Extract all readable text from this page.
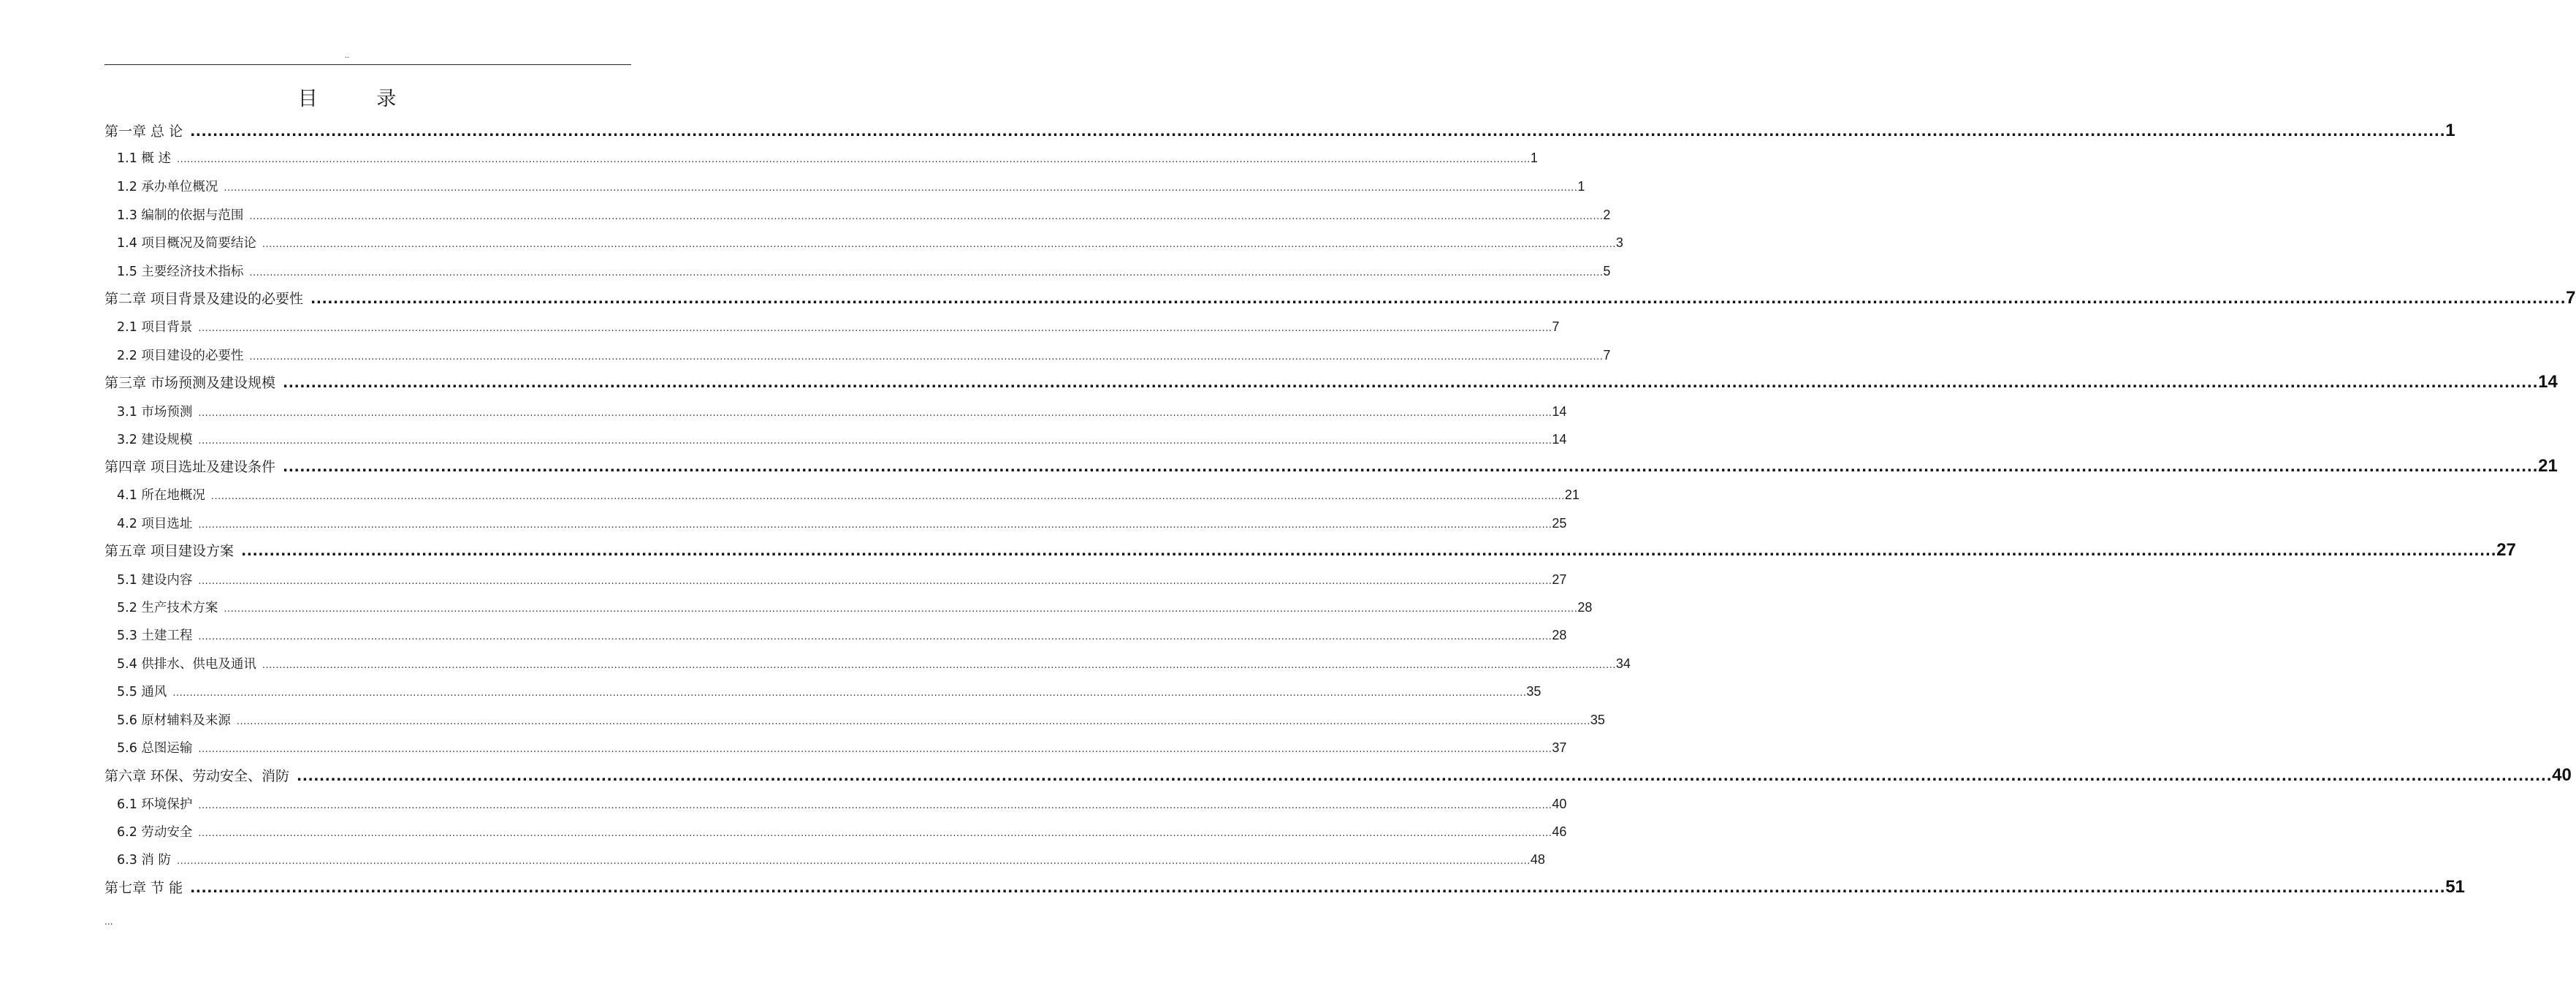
..
目 录
第一章 总 论 ................................................................................................................................................................................................................................................................................................................................................................................................................ 1
1.1 概 述 ................................................................................................................................................................................................................................................................................................................................................................................................................ 1
1.2 承办单位概况 ................................................................................................................................................................................................................................................................................................................................................................................................................ 1
1.3 编制的依据与范围 ................................................................................................................................................................................................................................................................................................................................................................................................................ 2
1.4 项目概况及简要结论 ................................................................................................................................................................................................................................................................................................................................................................................................................ 3
1.5 主要经济技术指标 ................................................................................................................................................................................................................................................................................................................................................................................................................ 5
第二章 项目背景及建设的必要性 ................................................................................................................................................................................................................................................................................................................................................................................................................ 7
2.1 项目背景 ................................................................................................................................................................................................................................................................................................................................................................................................................ 7
2.2 项目建设的必要性 ................................................................................................................................................................................................................................................................................................................................................................................................................ 7
第三章 市场预测及建设规模 ................................................................................................................................................................................................................................................................................................................................................................................................................ 14
3.1 市场预测 ................................................................................................................................................................................................................................................................................................................................................................................................................ 14
3.2 建设规模 ................................................................................................................................................................................................................................................................................................................................................................................................................ 14
第四章 项目选址及建设条件 ................................................................................................................................................................................................................................................................................................................................................................................................................ 21
4.1 所在地概况 ................................................................................................................................................................................................................................................................................................................................................................................................................ 21
4.2 项目选址 ................................................................................................................................................................................................................................................................................................................................................................................................................ 25
第五章 项目建设方案 ................................................................................................................................................................................................................................................................................................................................................................................................................ 27
5.1 建设内容 ................................................................................................................................................................................................................................................................................................................................................................................................................ 27
5.2 生产技术方案 ................................................................................................................................................................................................................................................................................................................................................................................................................ 28
5.3 土建工程 ................................................................................................................................................................................................................................................................................................................................................................................................................ 28
5.4 供排水、供电及通讯 ................................................................................................................................................................................................................................................................................................................................................................................................................ 34
5.5 通风 ................................................................................................................................................................................................................................................................................................................................................................................................................ 35
5.6 原材辅料及来源 ................................................................................................................................................................................................................................................................................................................................................................................................................ 35
5.6 总图运输 ................................................................................................................................................................................................................................................................................................................................................................................................................ 37
第六章 环保、劳动安全、消防 ................................................................................................................................................................................................................................................................................................................................................................................................................ 40
6.1 环境保护 ................................................................................................................................................................................................................................................................................................................................................................................................................ 40
6.2 劳动安全 ................................................................................................................................................................................................................................................................................................................................................................................................................ 46
6.3 消 防 ................................................................................................................................................................................................................................................................................................................................................................................................................ 48
第七章 节 能 ................................................................................................................................................................................................................................................................................................................................................................................................................ 51
...
